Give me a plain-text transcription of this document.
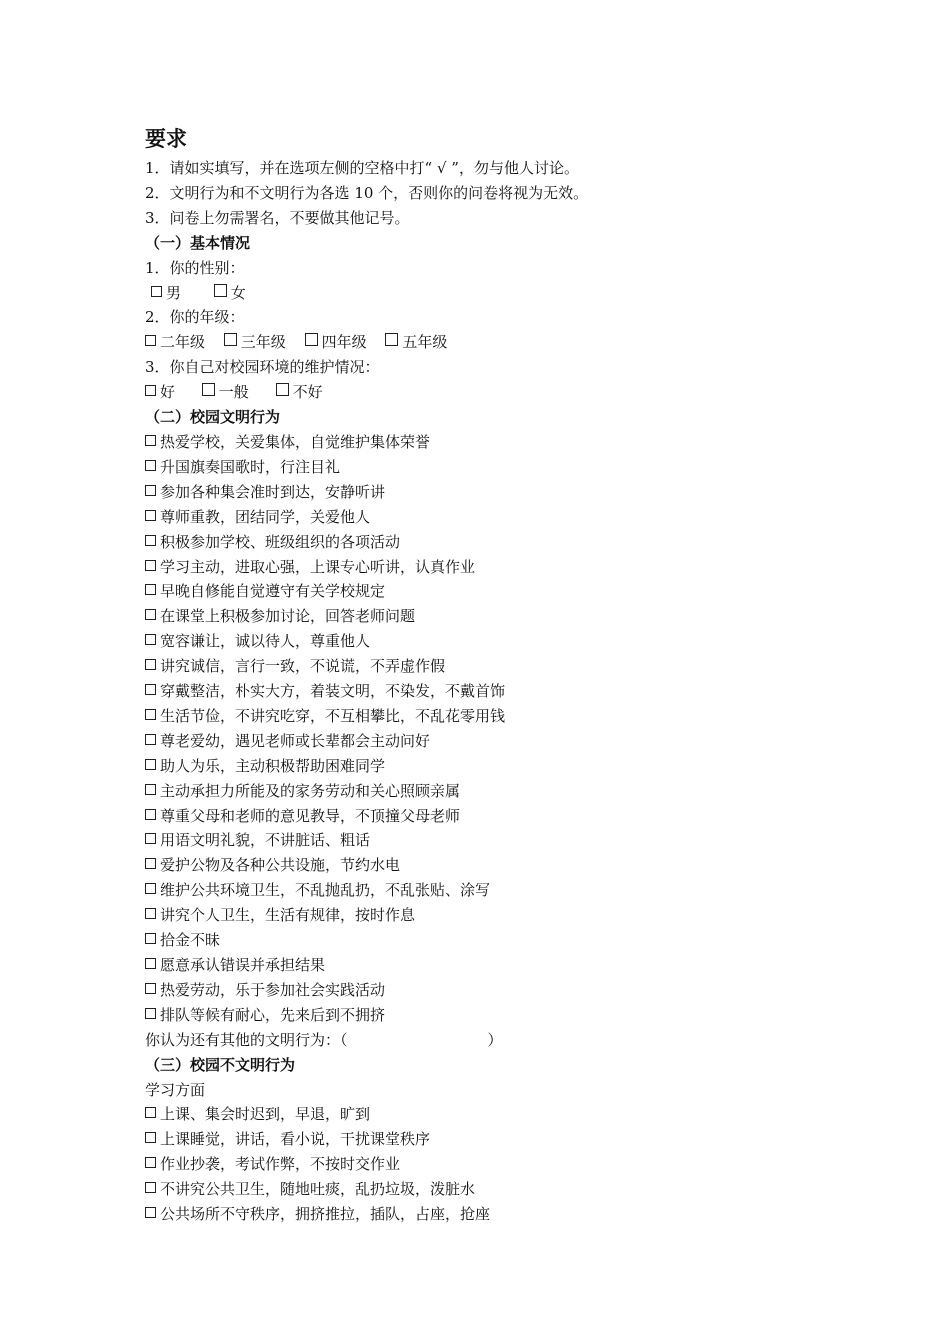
要求
1．请如实填写，并在选项左侧的空格中打“ √ ”，勿与他人讨论。
2．文明行为和不文明行为各选 10 个，否则你的问卷将视为无效。
3．问卷上勿需署名，不要做其他记号。
（一）基本情况
1．你的性别：
男	女
2．你的年级：
二年级 三年级 四年级 五年级
3．你自己对校园环境的维护情况：
好	一般	不好
（二）校园文明行为
热爱学校，关爱集体，自觉维护集体荣誉
升国旗奏国歌时，行注目礼
参加各种集会准时到达，安静听讲
尊师重教，团结同学，关爱他人
积极参加学校、班级组织的各项活动
学习主动，进取心强，上课专心听讲，认真作业
早晚自修能自觉遵守有关学校规定
在课堂上积极参加讨论，回答老师问题
宽容谦让，诚以待人，尊重他人
讲究诚信，言行一致，不说谎，不弄虚作假
穿戴整洁，朴实大方，着装文明，不染发，不戴首饰
生活节俭，不讲究吃穿，不互相攀比，不乱花零用钱
尊老爱幼，遇见老师或长辈都会主动问好
助人为乐，主动积极帮助困难同学
主动承担力所能及的家务劳动和关心照顾亲属
尊重父母和老师的意见教导，不顶撞父母老师
用语文明礼貌，不讲脏话、粗话
爱护公物及各种公共设施，节约水电
维护公共环境卫生，不乱抛乱扔，不乱张贴、涂写
讲究个人卫生，生活有规律，按时作息
拾金不昧
愿意承认错误并承担结果
热爱劳动，乐于参加社会实践活动
排队等候有耐心，先来后到不拥挤
你认为还有其他的文明行为：（	）
（三）校园不文明行为
学习方面
上课、集会时迟到，早退，旷到
上课睡觉，讲话，看小说，干扰课堂秩序
作业抄袭，考试作弊，不按时交作业
不讲究公共卫生，随地吐痰，乱扔垃圾，泼脏水
公共场所不守秩序，拥挤推拉，插队，占座，抢座
